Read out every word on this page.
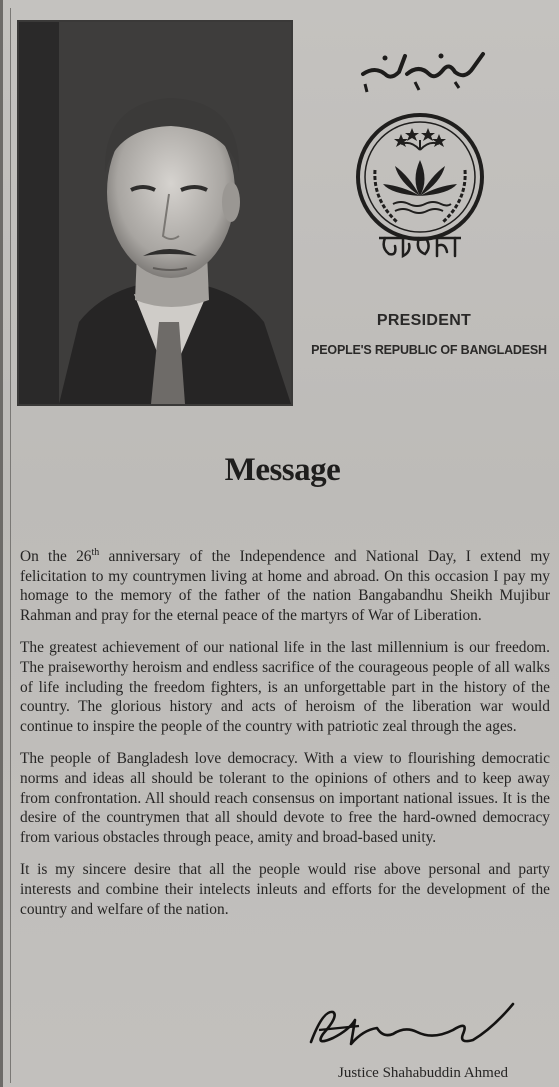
PRESIDENT
PEOPLE'S REPUBLIC OF BANGLADESH
Message

On the 26th anniversary of the Independence and National Day, I extend my felicitation to my countrymen living at home and abroad. On this occasion I pay my homage to the memory of the father of the nation Bangabandhu Sheikh Mujibur Rahman and pray for the eternal peace of the martyrs of War of Liberation.

The greatest achievement of our national life in the last millennium is our freedom. The praiseworthy heroism and endless sacrifice of the courageous people of all walks of life including the freedom fighters, is an unforgettable part in the history of the country. The glorious history and acts of heroism of the liberation war would continue to inspire the people of the country with patriotic zeal through the ages.

The people of Bangladesh love democracy. With a view to flourishing democratic norms and ideas all should be tolerant to the opinions of others and to keep away from confrontation. All should reach consensus on important national issues. It is the desire of the countrymen that all should devote to free the hard-owned democracy from various obstacles through peace, amity and broad-based unity.

It is my sincere desire that all the people would rise above personal and party interests and combine their intelects inleuts and efforts for the development of the country and welfare of the nation.

Justice Shahabuddin Ahmed
